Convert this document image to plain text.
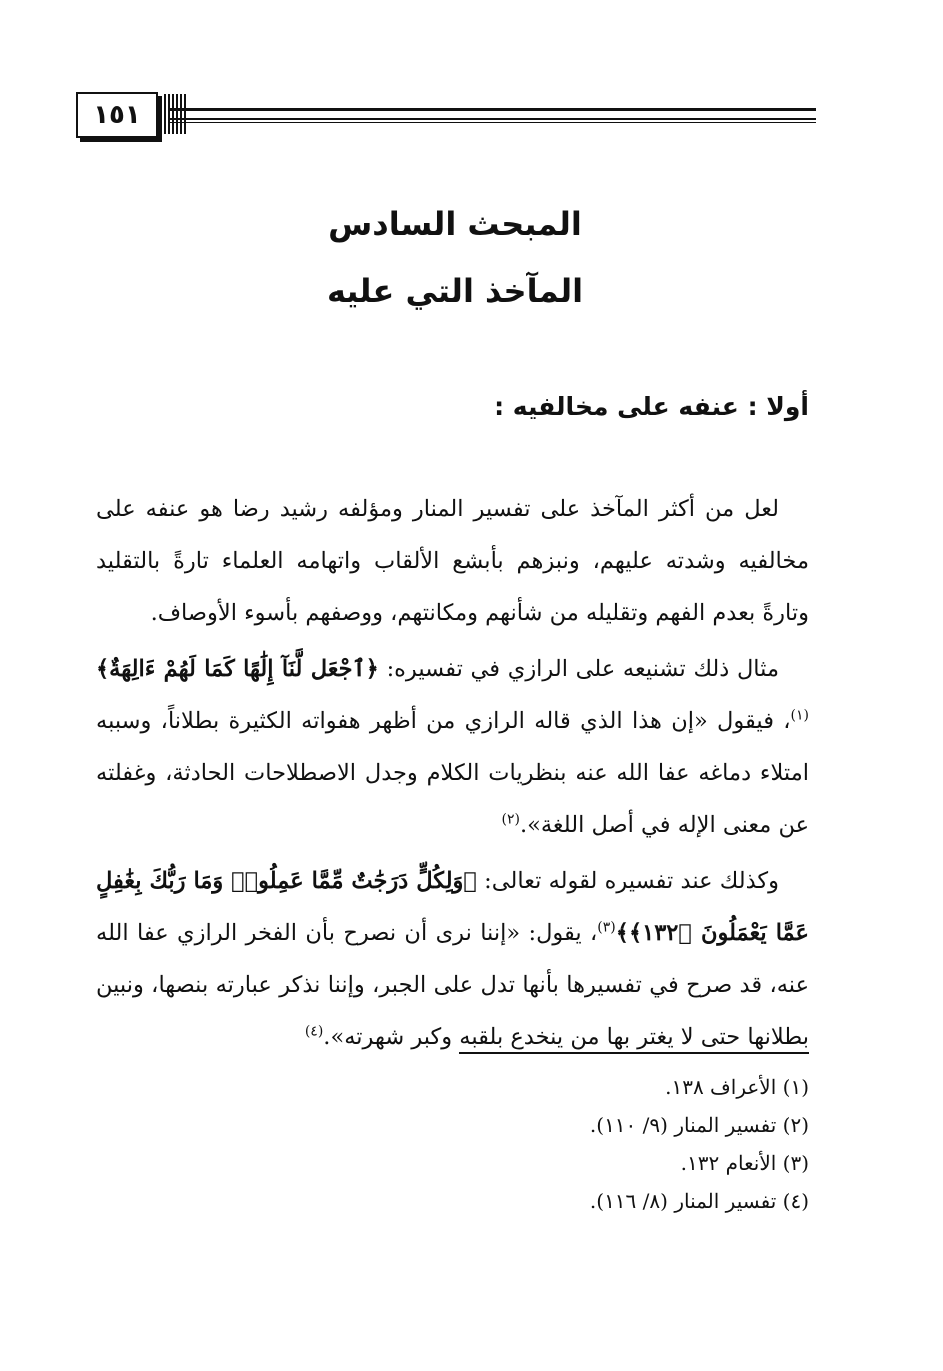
١٥١
المبحث السادس
المآخذ التي عليه
أولا : عنفه على مخالفيه :

لعل من أكثر المآخذ على تفسير المنار ومؤلفه رشيد رضا هو عنفه على مخالفيه وشدته عليهم، ونبزهم بأبشع الألقاب واتهامه العلماء تارةً بالتقليد وتارةً بعدم الفهم وتقليله من شأنهم ومكانتهم، ووصفهم بأسوء الأوصاف.

مثال ذلك تشنيعه على الرازي في تفسيره: ﴿ٱجْعَل لَّنَآ إِلَٰهًا كَمَا لَهُمْ ءَالِهَةٌ﴾$^{(١)}$، فيقول «إن هذا الذي قاله الرازي من أظهر هفواته الكثيرة بطلاناً، وسببه امتلاء دماغه عفا الله عنه بنظريات الكلام وجدل الاصطلاحات الحادثة، وغفلته عن معنى الإله في أصل اللغة».$^{(٢)}$

وكذلك عند تفسيره لقوله تعالى: ﴿وَلِكُلٍّ دَرَجَٰتٌ مِّمَّا عَمِلُوا۟ وَمَا رَبُّكَ بِغَٰفِلٍ عَمَّا يَعْمَلُونَ ﴿١٣٢﴾﴾$^{(٣)}$، يقول: «إننا نرى أن نصرح بأن الفخر الرازي عفا الله عنه، قد صرح في تفسيرها بأنها تدل على الجبر، وإننا نذكر عبارته بنصها، ونبين بطلانها حتى لا يغتر بها من ينخدع بلقبه وكبر شهرته».$^{(٤)}$

(١) الأعراف ١٣٨.
(٢) تفسير المنار (٩/ ١١٠).
(٣) الأنعام ١٣٢.
(٤) تفسير المنار (٨/ ١١٦).
